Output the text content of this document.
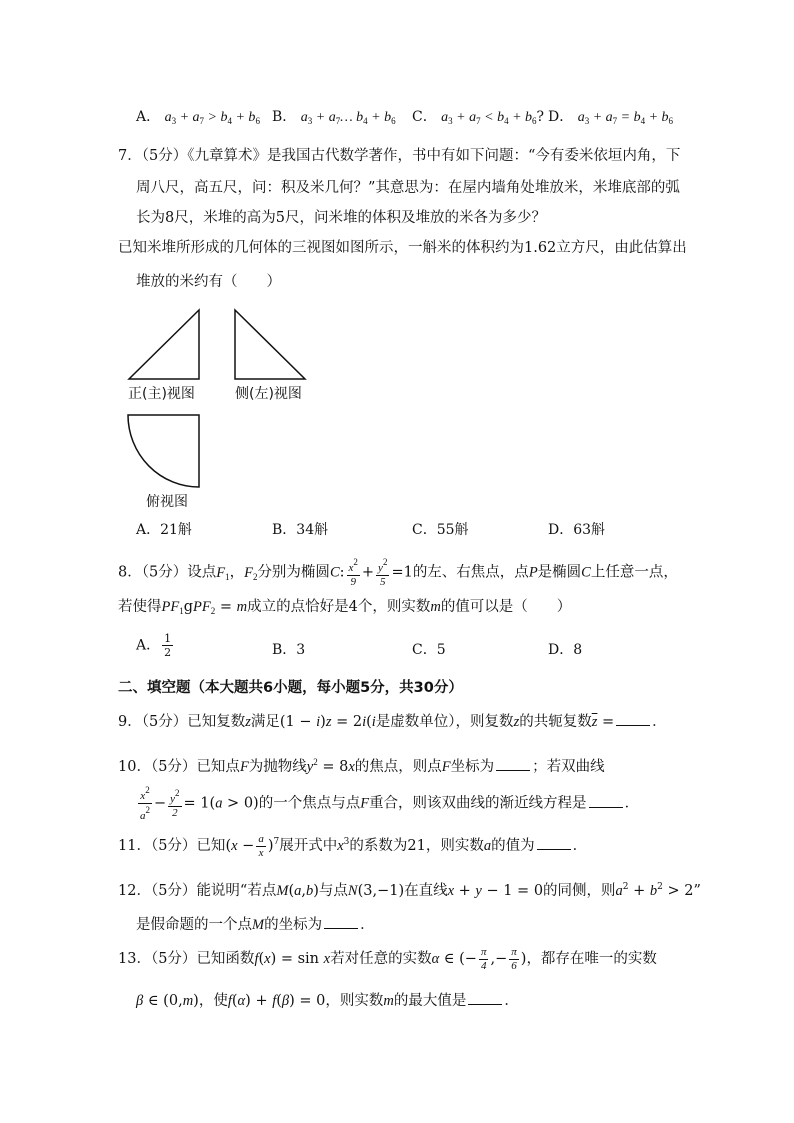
A． $a_3 + a_7 > b_4 + b_6$ B． $a_3$ + $a_7\dots$ $b_4 + b_6$ C． $a_3 + a_7 < b_4 + b_6$? D． $a_3 + a_7 = b_4 + b_6$
7．（5分）《九章算术》是我国古代数学著作，书中有如下问题：“今有委米依垣内角，下
周八尺，高五尺，问：积及米几何？”其意思为：在屋内墙角处堆放米，米堆底部的弧
长为8尺，米堆的高为5尺，问米堆的体积及堆放的米各为多少？
已知米堆所形成的几何体的三视图如图所示，一斛米的体积约为1.62立方尺，由此估算出
堆放的米约有（　　）
正(主)视图	侧(左)视图
俯视图
A．21斛	B．34斛	C．55斛	D．63斛
8．（5分）设点$F_1$，$F_2$分别为椭圆C: $\frac{x^2}{9} + \frac{y^2}{5} =1$的左、右焦点，点P是椭圆C上任意一点，
若使得$PF_1gPF_2 = m$成立的点恰好是4个，则实数m的值可以是（　　）
A． $\frac{1}{2}$	B．3	C．5	D．8
二、填空题（本大题共6小题，每小题5分，共30分）
9．（5分）已知复数z满足(1 − i)z = 2i(i是虚数单位），则复数z的共轭复数$\overline{z}$ =	．
10．（5分）已知点F为抛物线$y^2 = 8x$的焦点，则点F坐标为	；若双曲线
$\frac{x^2}{a^2} - \frac{y^2}{2} = 1(a > 0)$的一个焦点与点F重合，则该双曲线的渐近线方程是	．
11．（5分）已知$(x - \frac{a}{x} )^7$展开式中$x^3$的系数为21，则实数a的值为	．
12．（5分）能说明“若点M(a,b)与点N(3,−1)在直线x + y − 1 = 0的同侧，则$a^2 + b^2 > 2$”
是假命题的一个点M的坐标为	．
13．（5分）已知函数f(x) = sin x若对任意的实数α ∈ (− $\frac{\pi}{4}$ ,− $\frac{\pi}{6}$ )，都存在唯一的实数
β ∈ (0,m)，使f(α) + f(β) = 0，则实数m的最大值是	．
